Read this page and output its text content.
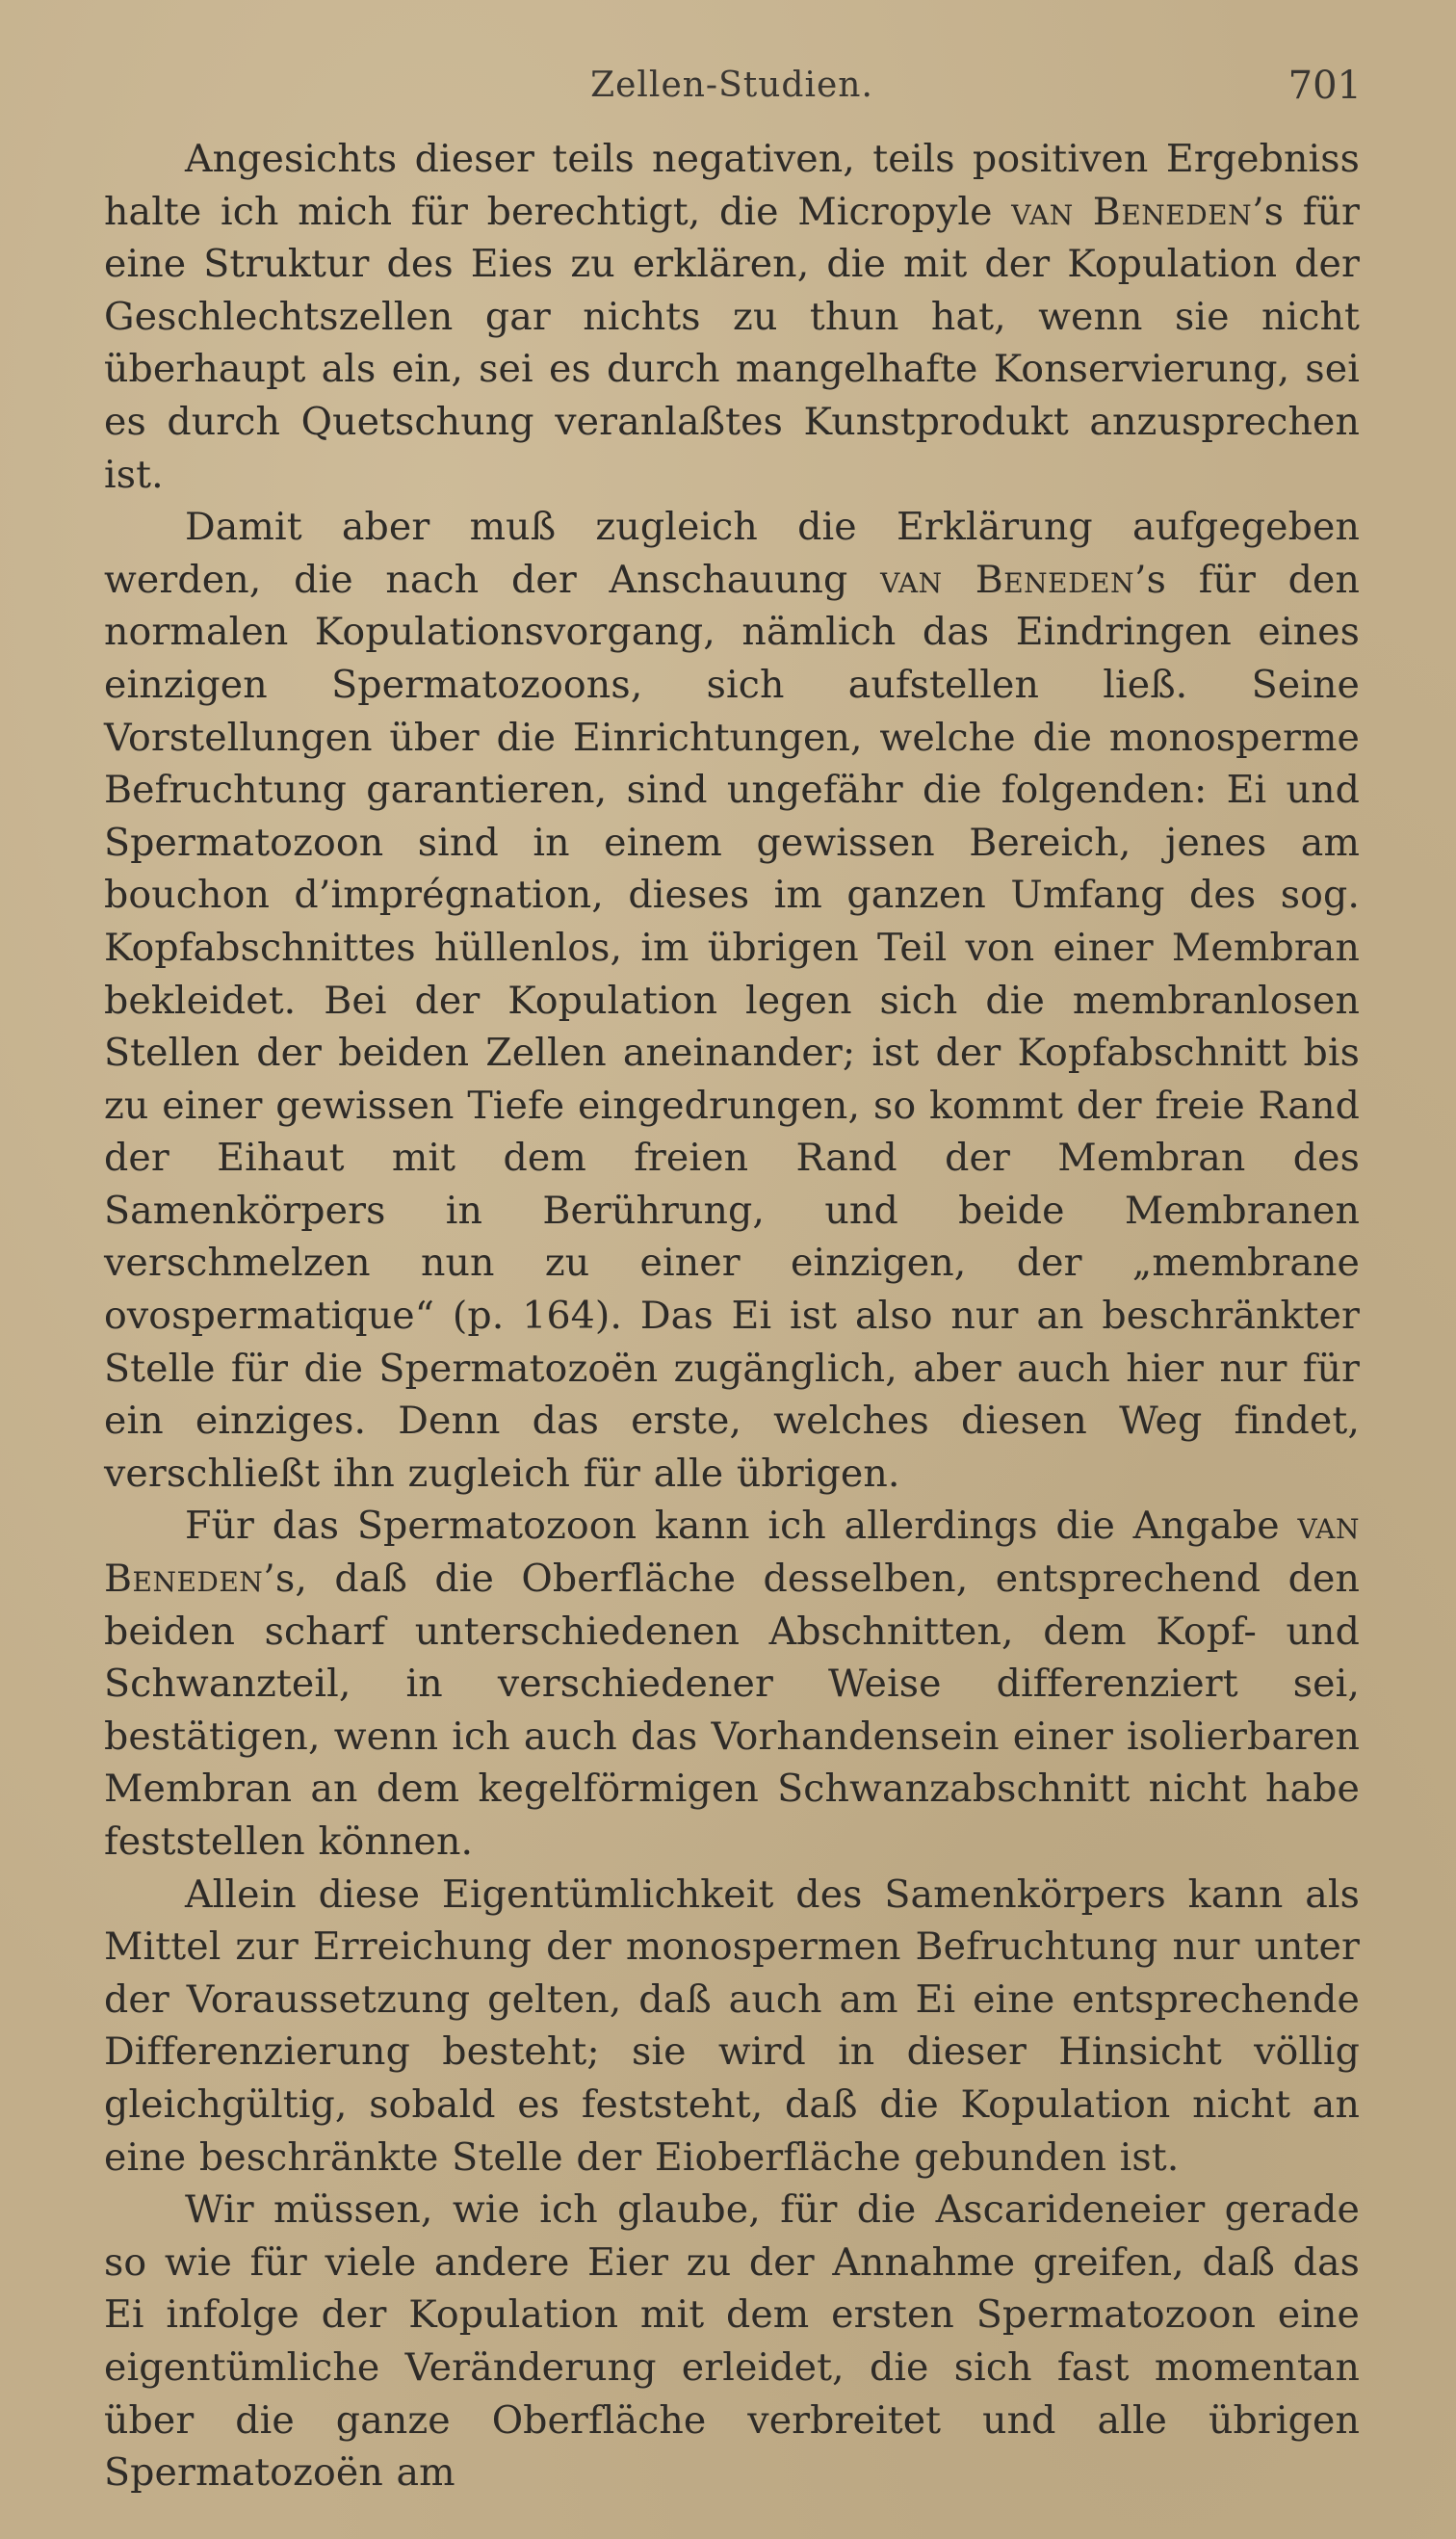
Zellen-Studien.	701

Angesichts dieser teils negativen, teils positiven Ergebniss halte ich mich für berechtigt, die Micropyle van Beneden’s für eine Struktur des Eies zu erklären, die mit der Kopulation der Geschlechtszellen gar nichts zu thun hat, wenn sie nicht überhaupt als ein, sei es durch mangelhafte Konservierung, sei es durch Quetschung veranlaßtes Kunstprodukt anzusprechen ist.

Damit aber muß zugleich die Erklärung aufgegeben werden, die nach der Anschauung van Beneden’s für den normalen Kopulationsvorgang, nämlich das Eindringen eines einzigen Spermatozoons, sich aufstellen ließ. Seine Vorstellungen über die Einrichtungen, welche die monosperme Befruchtung garantieren, sind ungefähr die folgenden: Ei und Spermatozoon sind in einem gewissen Bereich, jenes am bouchon d’imprégnation, dieses im ganzen Umfang des sog. Kopfabschnittes hüllenlos, im übrigen Teil von einer Membran bekleidet. Bei der Kopulation legen sich die membranlosen Stellen der beiden Zellen aneinander; ist der Kopfabschnitt bis zu einer gewissen Tiefe eingedrungen, so kommt der freie Rand der Eihaut mit dem freien Rand der Membran des Samenkörpers in Berührung, und beide Membranen verschmelzen nun zu einer einzigen, der „membrane ovospermatique“ (p. 164). Das Ei ist also nur an beschränkter Stelle für die Spermatozoën zugänglich, aber auch hier nur für ein einziges. Denn das erste, welches diesen Weg findet, verschließt ihn zugleich für alle übrigen.

Für das Spermatozoon kann ich allerdings die Angabe van Beneden’s, daß die Oberfläche desselben, entsprechend den beiden scharf unterschiedenen Abschnitten, dem Kopf- und Schwanzteil, in verschiedener Weise differenziert sei, bestätigen, wenn ich auch das Vorhandensein einer isolierbaren Membran an dem kegelförmigen Schwanzabschnitt nicht habe feststellen können.

Allein diese Eigentümlichkeit des Samenkörpers kann als Mittel zur Erreichung der monospermen Befruchtung nur unter der Voraussetzung gelten, daß auch am Ei eine entsprechende Differenzierung besteht; sie wird in dieser Hinsicht völlig gleichgültig, sobald es feststeht, daß die Kopulation nicht an eine beschränkte Stelle der Eioberfläche gebunden ist.

Wir müssen, wie ich glaube, für die Ascarideneier gerade so wie für viele andere Eier zu der Annahme greifen, daß das Ei infolge der Kopulation mit dem ersten Spermatozoon eine eigentümliche Veränderung erleidet, die sich fast momentan über die ganze Oberfläche verbreitet und alle übrigen Spermatozoën am
